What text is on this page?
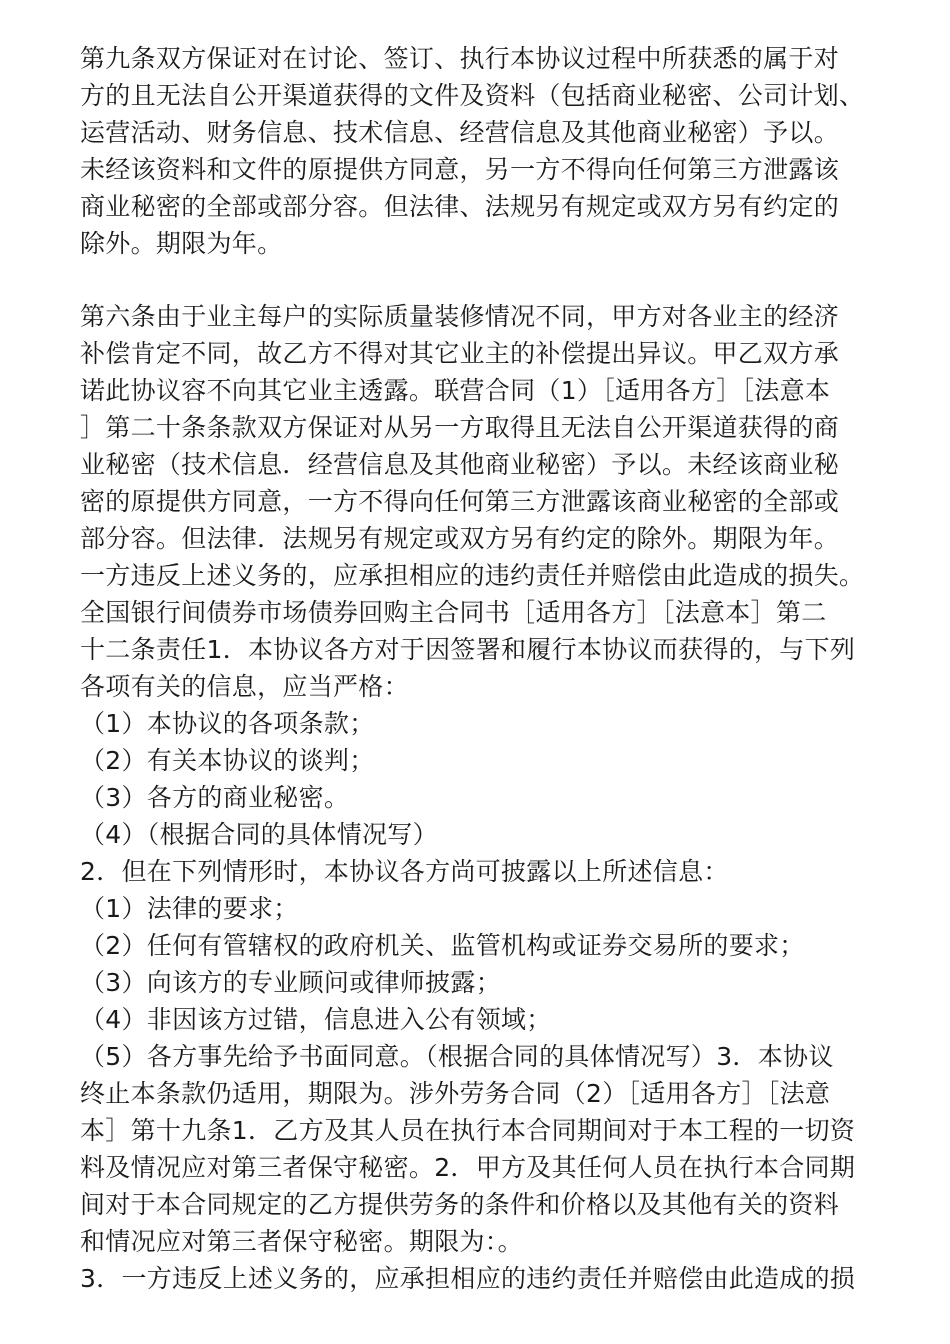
第九条双方保证对在讨论、签订、执行本协议过程中所获悉的属于对
方的且无法自公开渠道获得的文件及资料（包括商业秘密、公司计划、
运营活动、财务信息、技术信息、经营信息及其他商业秘密）予以。
未经该资料和文件的原提供方同意，另一方不得向任何第三方泄露该
商业秘密的全部或部分容。但法律、法规另有规定或双方另有约定的
除外。期限为年。
第六条由于业主每户的实际质量装修情况不同，甲方对各业主的经济
补偿肯定不同，故乙方不得对其它业主的补偿提出异议。甲乙双方承
诺此协议容不向其它业主透露。联营合同（1）［适用各方］［法意本
］第二十条条款双方保证对从另一方取得且无法自公开渠道获得的商
业秘密（技术信息．经营信息及其他商业秘密）予以。未经该商业秘
密的原提供方同意，一方不得向任何第三方泄露该商业秘密的全部或
部分容。但法律．法规另有规定或双方另有约定的除外。期限为年。
一方违反上述义务的，应承担相应的违约责任并赔偿由此造成的损失。
全国银行间债券市场债券回购主合同书［适用各方］［法意本］第二
十二条责任1．本协议各方对于因签署和履行本协议而获得的，与下列
各项有关的信息，应当严格：
（1）本协议的各项条款；
（2）有关本协议的谈判；
（3）各方的商业秘密。
（4）（根据合同的具体情况写）
2．但在下列情形时，本协议各方尚可披露以上所述信息：
（1）法律的要求；
（2）任何有管辖权的政府机关、监管机构或证券交易所的要求；
（3）向该方的专业顾问或律师披露；
（4）非因该方过错，信息进入公有领域；
（5）各方事先给予书面同意。（根据合同的具体情况写）3．本协议
终止本条款仍适用，期限为。涉外劳务合同（2）［适用各方］［法意
本］第十九条1．乙方及其人员在执行本合同期间对于本工程的一切资
料及情况应对第三者保守秘密。2．甲方及其任何人员在执行本合同期
间对于本合同规定的乙方提供劳务的条件和价格以及其他有关的资料
和情况应对第三者保守秘密。期限为：。
3．一方违反上述义务的，应承担相应的违约责任并赔偿由此造成的损
